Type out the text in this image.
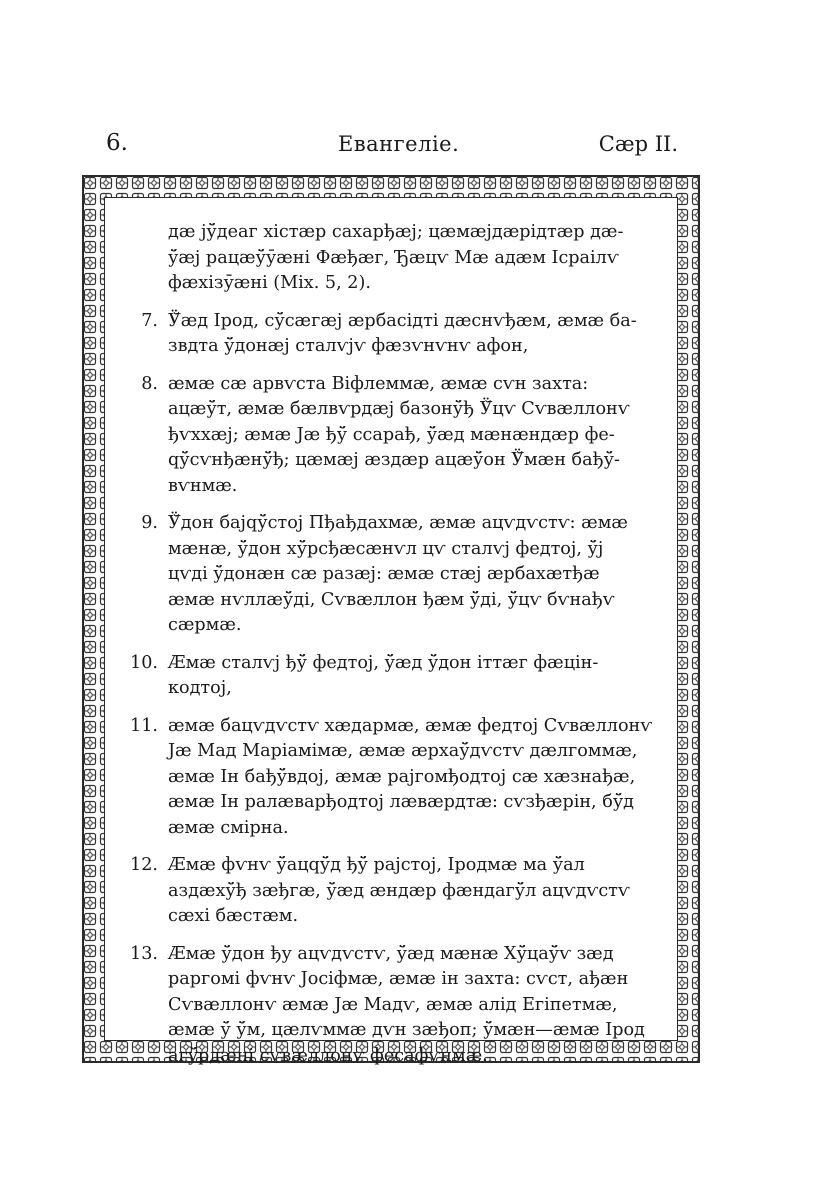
6.	Евангеліе.	Сæр II.
дæ jӱ̆деаг хістæр сахарђæj; цæмæjдæрідтæр дæ-
ӱ̆æj рацæӱ̆ӯæні Фæђæг, Ђæцѵ Мæ адæм Ісраілѵ
фæхізӯæні (Міх. 5, 2).
7. Ӱ̆æд Ірод, сӱ̆сæгæj æрбасідті дæснѵђæм, æмæ ба-
звдта ӱ̆донæj сталѵjѵ фæзѵнѵнѵ афон,
8. æмæ сæ арвѵста Віфлеммæ, æмæ сѵн захта:
ацæӱ̆т, æмæ бæлвѵрдæj базонӱ̆ђ Ӱ̆цѵ Сѵвæллонѵ
ђѵххæj; æмæ Јæ ђӱ̆ ссарађ, ӱ̆æд мæнæндæр фе-
qӱ̆сѵнђæнӱ̆ђ; цæмæj æздæр ацæӱ̆он Ӱ̆мæн бађӱ̆-
вѵнмæ.
9. Ӱ̆дон баjqӱ̆стој Пђађдахмæ, æмæ ацѵдѵстѵ: æмæ
мæнæ, ӱ̆дон хӱ̆рсђæсæнѵл цѵ сталѵj федтој, ӱ̆j
цѵді ӱ̆донæн сæ разæj: æмæ стæj æрбахæтђæ
æмæ нѵллæӱ̆ді, Сѵвæллон ђæм ӱ̆ді, ӱ̆цѵ бѵнађѵ
сæрмæ.
10. Æмæ сталѵj ђӱ̆ федтој, ӱ̆æд ӱ̆дон іттæг фæцін-
кодтој,
11. æмæ бацѵдѵстѵ хæдармæ, æмæ федтој Сѵвæллонѵ
Јæ Мад Маріамімæ, æмæ æрхаӱ̆дѵстѵ дæлгоммæ,
æмæ Ін бађӱ̆вдој, æмæ раjгомђодтој сæ хæзнађæ,
æмæ Ін ралæварђодтој лæвæрдтæ: сѵзђæрін, бӱ̆д
æмæ смірна.
12. Æмæ фѵнѵ ӱ̆ацqӱ̆д ђӱ̆ раjстој, Іродмæ ма ӱ̆ал
аздæхӱ̆ђ зæђгæ, ӱ̆æд æндæр фæндагӱ̆л ацѵдѵстѵ
сæхі бæстæм.
13. Æмæ ӱ̆дон ђу ацѵдѵстѵ, ӱ̆æд мæнæ Хӱ̆цаӱ̆ѵ зæд
раргомі фѵнѵ Јосіфмæ, æмæ ін захта: сѵст, ађæн
Сѵвæллонѵ æмæ Јæ Мадѵ, æмæ алід Егіпетмæ,
æмæ ӱ̆ ӱ̆м, цæлѵммæ дѵн зæђоп; ӱ̆мæн—æмæ Ірод
агӱ̆рдæні сѵвæллонѵ фесафѵнмæ.
